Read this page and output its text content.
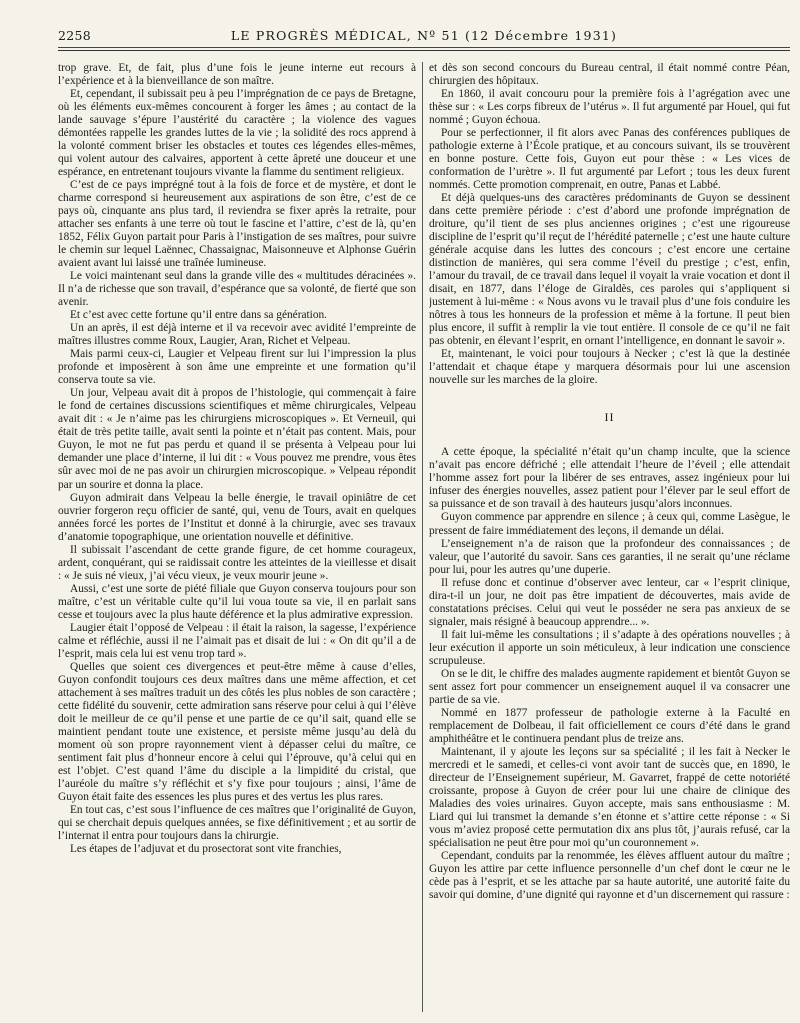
2258	LE PROGRÈS MÉDICAL, Nº 51 (12 Décembre 1931)

trop grave. Et, de fait, plus d’une fois le jeune interne eut recours à l’expérience et à la bienveillance de son maître.

Et, cependant, il subissait peu à peu l’imprégnation de ce pays de Bretagne, où les éléments eux-mêmes concourent à forger les âmes ; au contact de la lande sauvage s’épure l’austérité du caractère ; la violence des vagues démontées rappelle les grandes luttes de la vie ; la solidité des rocs apprend à la volonté comment briser les obstacles et toutes ces légendes elles-mêmes, qui volent autour des calvaires, apportent à cette âpreté une douceur et une espérance, en entretenant toujours vivante la flamme du sentiment religieux.

C’est de ce pays imprégné tout à la fois de force et de mystère, et dont le charme correspond si heureusement aux aspirations de son être, c’est de ce pays où, cinquante ans plus tard, il reviendra se fixer après la retraite, pour attacher ses enfants à une terre où tout le fascine et l’attire, c’est de là, qu’en 1852, Félix Guyon partait pour Paris à l’instigation de ses maîtres, pour suivre le chemin sur lequel Laënnec, Chassaignac, Maisonneuve et Alphonse Guérin avaient avant lui laissé une traînée lumineuse.

Le voici maintenant seul dans la grande ville des « multitudes déracinées ». Il n’a de richesse que son travail, d’espérance que sa volonté, de fierté que son avenir.

Et c’est avec cette fortune qu’il entre dans sa génération.

Un an après, il est déjà interne et il va recevoir avec avidité l’empreinte de maîtres illustres comme Roux, Laugier, Aran, Richet et Velpeau.

Mais parmi ceux-ci, Laugier et Velpeau firent sur lui l’impression la plus profonde et imposèrent à son âme une empreinte et une formation qu’il conserva toute sa vie.

Un jour, Velpeau avait dit à propos de l’histologie, qui commençait à faire le fond de certaines discussions scientifiques et même chirurgicales, Velpeau avait dit : « Je n’aime pas les chirurgiens microscopiques ». Et Verneuil, qui était de très petite taille, avait senti la pointe et n’était pas content. Mais, pour Guyon, le mot ne fut pas perdu et quand il se présenta à Velpeau pour lui demander une place d’interne, il lui dit : « Vous pouvez me prendre, vous êtes sûr avec moi de ne pas avoir un chirurgien microscopique. » Velpeau répondit par un sourire et donna la place.

Guyon admirait dans Velpeau la belle énergie, le travail opiniâtre de cet ouvrier forgeron reçu officier de santé, qui, venu de Tours, avait en quelques années forcé les portes de l’Institut et donné à la chirurgie, avec ses travaux d’anatomie topographique, une orientation nouvelle et définitive.

Il subissait l’ascendant de cette grande figure, de cet homme courageux, ardent, conquérant, qui se raidissait contre les atteintes de la vieillesse et disait : « Je suis né vieux, j’ai vécu vieux, je veux mourir jeune ».

Aussi, c’est une sorte de piété filiale que Guyon conserva toujours pour son maître, c’est un véritable culte qu’il lui voua toute sa vie, il en parlait sans cesse et toujours avec la plus haute déférence et la plus admirative expression.

Laugier était l’opposé de Velpeau : il était la raison, la sagesse, l’expérience calme et réfléchie, aussi il ne l’aimait pas et disait de lui : « On dit qu’il a de l’esprit, mais cela lui est venu trop tard ».

Quelles que soient ces divergences et peut-être même à cause d’elles, Guyon confondit toujours ces deux maîtres dans une même affection, et cet attachement à ses maîtres traduit un des côtés les plus nobles de son caractère ; cette fidélité du souvenir, cette admiration sans réserve pour celui à qui l’élève doit le meilleur de ce qu’il pense et une partie de ce qu’il sait, quand elle se maintient pendant toute une existence, et persiste même jusqu’au delà du moment où son propre rayonnement vient à dépasser celui du maître, ce sentiment fait plus d’honneur encore à celui qui l’éprouve, qu’à celui qui en est l’objet. C’est quand l’âme du disciple a la limpidité du cristal, que l’auréole du maître s’y réfléchit et s’y fixe pour toujours ; ainsi, l’âme de Guyon était faite des essences les plus pures et des vertus les plus rares.

En tout cas, c’est sous l’influence de ces maîtres que l’originalité de Guyon, qui se cherchait depuis quelques années, se fixe définitivement ; et au sortir de l’internat il entra pour toujours dans la chirurgie.

Les étapes de l’adjuvat et du prosectorat sont vite franchies,

et dès son second concours du Bureau central, il était nommé contre Péan, chirurgien des hôpitaux.

En 1860, il avait concouru pour la première fois à l’agrégation avec une thèse sur : « Les corps fibreux de l’utérus ». Il fut argumenté par Houel, qui fut nommé ; Guyon échoua.

Pour se perfectionner, il fit alors avec Panas des conférences publiques de pathologie externe à l’École pratique, et au concours suivant, ils se trouvèrent en bonne posture. Cette fois, Guyon eut pour thèse : « Les vices de conformation de l’urètre ». Il fut argumenté par Lefort ; tous les deux furent nommés. Cette promotion comprenait, en outre, Panas et Labbé.

Et déjà quelques-uns des caractères prédominants de Guyon se dessinent dans cette première période : c’est d’abord une profonde imprégnation de droiture, qu’il tient de ses plus anciennes origines ; c’est une rigoureuse discipline de l’esprit qu’il reçut de l’hérédité paternelle ; c’est une haute culture générale acquise dans les luttes des concours ; c’est encore une certaine distinction de manières, qui sera comme l’éveil du prestige ; c’est, enfin, l’amour du travail, de ce travail dans lequel il voyait la vraie vocation et dont il disait, en 1877, dans l’éloge de Giraldès, ces paroles qui s’appliquent si justement à lui-même : « Nous avons vu le travail plus d’une fois conduire les nôtres à tous les honneurs de la profession et même à la fortune. Il peut bien plus encore, il suffit à remplir la vie tout entière. Il console de ce qu’il ne fait pas obtenir, en élevant l’esprit, en ornant l’intelligence, en donnant le savoir ».

Et, maintenant, le voici pour toujours à Necker ; c’est là que la destinée l’attendait et chaque étape y marquera désormais pour lui une ascension nouvelle sur les marches de la gloire.

II

A cette époque, la spécialité n’était qu’un champ inculte, que la science n’avait pas encore défriché ; elle attendait l’heure de l’éveil ; elle attendait l’homme assez fort pour la libérer de ses entraves, assez ingénieux pour lui infuser des énergies nouvelles, assez patient pour l’élever par le seul effort de sa puissance et de son travail à des hauteurs jusqu’alors inconnues.

Guyon commence par apprendre en silence ; à ceux qui, comme Lasègue, le pressent de faire immédiatement des leçons, il demande un délai.

L’enseignement n’a de raison que la profondeur des connaissances ; de valeur, que l’autorité du savoir. Sans ces garanties, il ne serait qu’une réclame pour lui, pour les autres qu’une duperie.

Il refuse donc et continue d’observer avec lenteur, car « l’esprit clinique, dira-t-il un jour, ne doit pas être impatient de découvertes, mais avide de constatations précises. Celui qui veut le posséder ne sera pas anxieux de se signaler, mais résigné à beaucoup apprendre... ».

Il fait lui-même les consultations ; il s’adapte à des opérations nouvelles ; à leur exécution il apporte un soin méticuleux, à leur indication une conscience scrupuleuse.

On se le dit, le chiffre des malades augmente rapidement et bientôt Guyon se sent assez fort pour commencer un enseignement auquel il va consacrer une partie de sa vie.

Nommé en 1877 professeur de pathologie externe à la Faculté en remplacement de Dolbeau, il fait officiellement ce cours d’été dans le grand amphithéâtre et le continuera pendant plus de treize ans.

Maintenant, il y ajoute les leçons sur sa spécialité ; il les fait à Necker le mercredi et le samedi, et celles-ci vont avoir tant de succès que, en 1890, le directeur de l’Enseignement supérieur, M. Gavarret, frappé de cette notoriété croissante, propose à Guyon de créer pour lui une chaire de clinique des Maladies des voies urinaires. Guyon accepte, mais sans enthousiasme : M. Liard qui lui transmet la demande s’en étonne et s’attire cette réponse : « Si vous m’aviez proposé cette permutation dix ans plus tôt, j’aurais refusé, car la spécialisation ne peut être pour moi qu’un couronnement ».

Cependant, conduits par la renommée, les élèves affluent autour du maître ; Guyon les attire par cette influence personnelle d’un chef dont le cœur ne le cède pas à l’esprit, et se les attache par sa haute autorité, une autorité faite du savoir qui domine, d’une dignité qui rayonne et d’un discernement qui rassure :
